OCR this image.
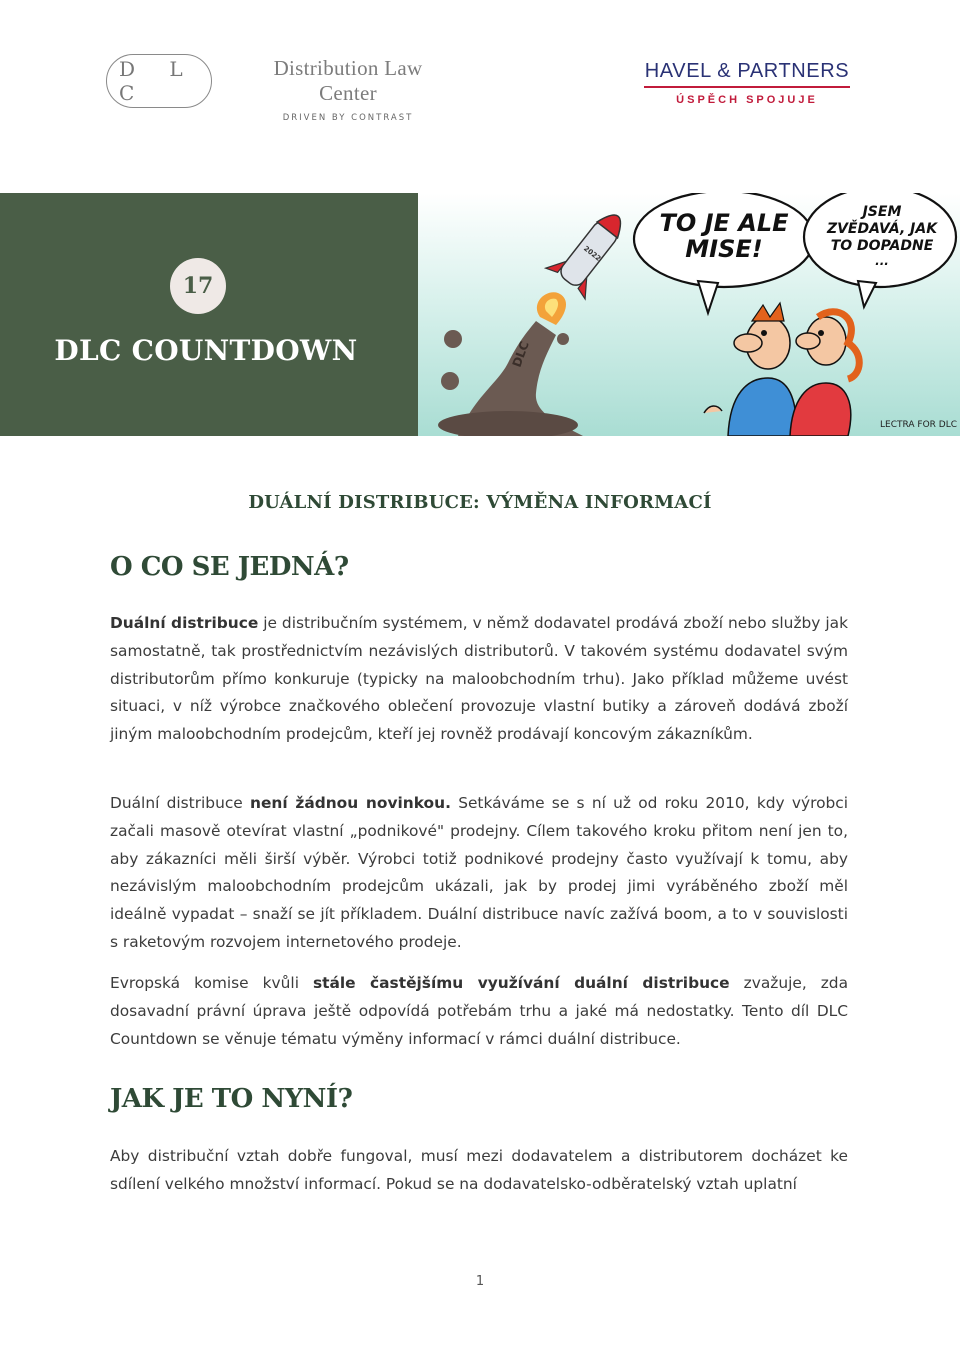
D L C
Distribution Law Center
DRIVEN BY CONTRAST
HAVEL & PARTNERS
ÚSPĚCH SPOJUJE
17
DLC COUNTDOWN	DLC
2022
TO JE ALE
MISE!
JSEM
ZVĚDAVÁ, JAK
TO DOPADNE
...
LECTRA FOR DLC
DUÁLNÍ DISTRIBUCE: VÝMĚNA INFORMACÍ
O CO SE JEDNÁ?
Duální distribuce je distribučním systémem, v němž dodavatel prodává zboží nebo služby jak samostatně, tak prostřednictvím nezávislých distributorů. V takovém systému dodavatel svým distributorům přímo konkuruje (typicky na maloobchodním trhu). Jako příklad můžeme uvést situaci, v níž výrobce značkového oblečení provozuje vlastní butiky a zároveň dodává zboží jiným maloobchodním prodejcům, kteří jej rovněž prodávají koncovým zákazníkům.
Duální distribuce není žádnou novinkou. Setkáváme se s ní už od roku 2010, kdy výrobci začali masově otevírat vlastní „podnikové" prodejny. Cílem takového kroku přitom není jen to, aby zákazníci měli širší výběr. Výrobci totiž podnikové prodejny často využívají k tomu, aby nezávislým maloobchodním prodejcům ukázali, jak by prodej jimi vyráběného zboží měl ideálně vypadat – snaží se jít příkladem. Duální distribuce navíc zažívá boom, a to v souvislosti s raketovým rozvojem internetového prodeje.
Evropská komise kvůli stále častějšímu využívání duální distribuce zvažuje, zda dosavadní právní úprava ještě odpovídá potřebám trhu a jaké má nedostatky. Tento díl DLC Countdown se věnuje tématu výměny informací v rámci duální distribuce.
JAK JE TO NYNÍ?
Aby distribuční vztah dobře fungoval, musí mezi dodavatelem a distributorem docházet ke sdílení velkého množství informací. Pokud se na dodavatelsko-odběratelský vztah uplatní
1
